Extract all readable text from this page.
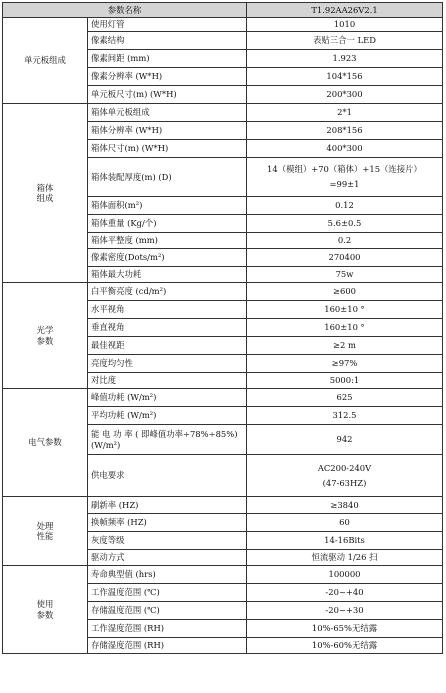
参数名称		T1.92AA26V2.1

单元板组成	使用灯管	1010

	像素结构	表贴三合一 LED

	像素间距 (mm)	1.923

	像素分辨率 (W*H)	104*156

	单元板尺寸(m) (W*H)	200*300

箱体
组成	箱体单元板组成	2*1

	箱体分辨率 (W*H)	208*156

	箱体尺寸(m) (W*H)	400*300

	箱体装配厚度(m) (D)	14（模组）+70（箱体）+15（连接片）
=99±1

	箱体面积(m²)	0.12

	箱体重量 (Kg/个)	5.6±0.5

	箱体平整度 (mm)	0.2

	像素密度(Dots/m²)	270400

	箱体最大功耗	75w

光学
参数	白平衡亮度 (cd/m²)	≥600

	水平视角	160±10 °

	垂直视角	160±10 °

	最佳视距	≥2 m

	亮度均匀性	≥97%

	对比度	5000:1

电气参数	峰值功耗 (W/m²)	625

	平均功耗 (W/m²)	312.5

	能 电 功 率 ( 即峰值功率÷78%÷85%)
(W/m²)	942

	供电要求	AC200-240V
(47-63HZ)

处理
性能	刷新率 (HZ)	≥3840

	换帧频率 (HZ)	60

	灰度等级	14-16Bits

	驱动方式	恒流驱动 1/26 扫

使用
参数	寿命典型值 (hrs)	100000

	工作温度范围 (℃)	-20~+40

	存储温度范围 (℃)	-20~+30

	工作湿度范围 (RH)	10%-65%无结露

	存储湿度范围 (RH)	10%-60%无结露
